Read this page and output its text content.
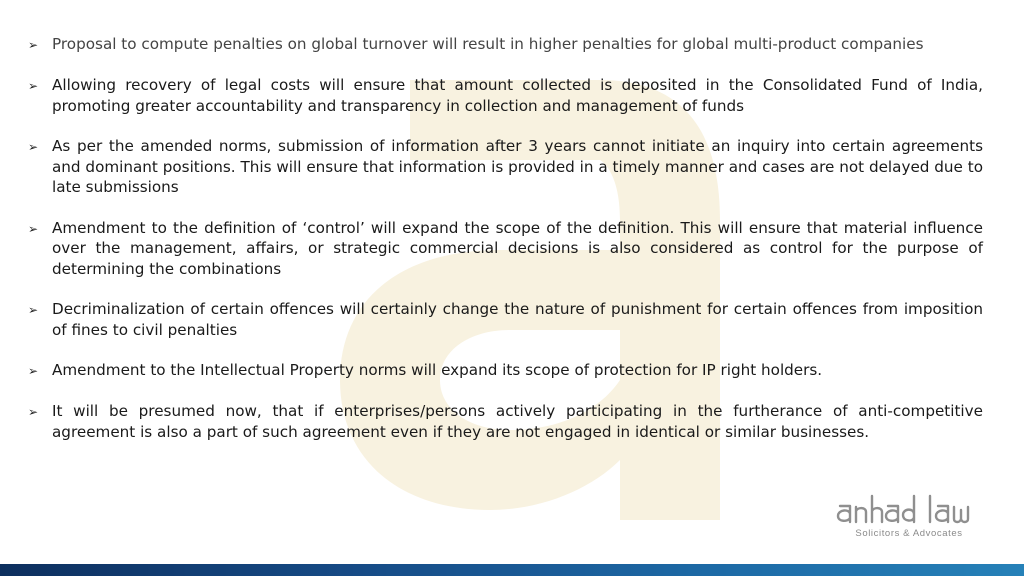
➢ Proposal to compute penalties on global turnover will result in higher penalties for global multi-product companies
➢ Allowing recovery of legal costs will ensure that amount collected is deposited in the Consolidated Fund of India, promoting greater accountability and transparency in collection and management of funds
➢ As per the amended norms, submission of information after 3 years cannot initiate an inquiry into certain agreements and dominant positions. This will ensure that information is provided in a timely manner and cases are not delayed due to late submissions
➢ Amendment to the definition of ‘control’ will expand the scope of the definition. This will ensure that material influence over the management, affairs, or strategic commercial decisions is also considered as control for the purpose of determining the combinations
➢ Decriminalization of certain offences will certainly change the nature of punishment for certain offences from imposition of fines to civil penalties
➢ Amendment to the Intellectual Property norms will expand its scope of protection for IP right holders.
➢ It will be presumed now, that if enterprises/persons actively participating in the furtherance of anti-competitive agreement is also a part of such agreement even if they are not engaged in identical or similar businesses.
Solicitors & Advocates
